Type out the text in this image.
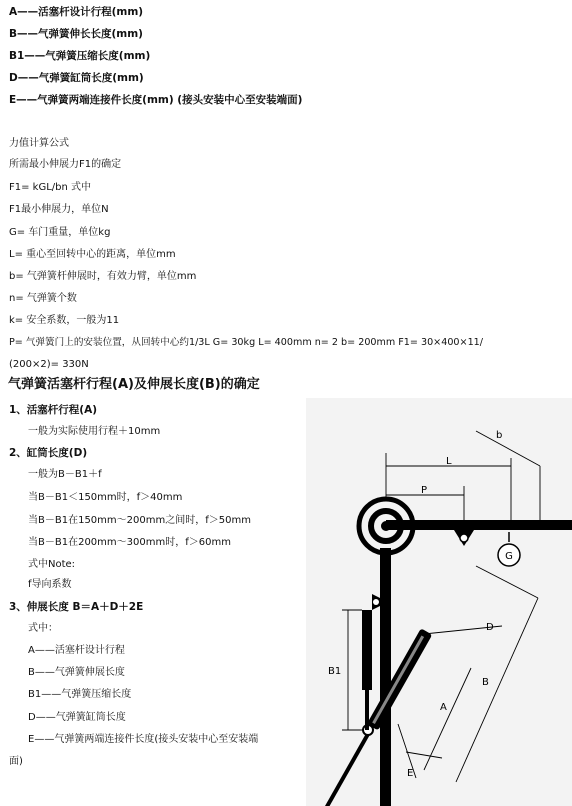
A——活塞杆设计行程(mm)
B——气弹簧伸长长度(mm)
B1——气弹簧压缩长度(mm)
D——气弹簧缸筒长度(mm)
E——气弹簧两端连接件长度(mm) (接头安装中心至安装端面)
力值计算公式
所需最小伸展力F1的确定
F1= kGL/bn 式中
F1最小伸展力，单位N
G= 车门重量，单位kg
L= 重心至回转中心的距离，单位mm
b= 气弹簧杆伸展时，有效力臂，单位mm
n= 气弹簧个数
k= 安全系数，一般为11
P= 气弹簧门上的安装位置，从回转中心约1/3L G= 30kg L= 400mm n= 2 b= 200mm F1= 30×400×11/
(200×2)= 330N
气弹簧活塞杆行程(A)及伸展长度(B)的确定
1、活塞杆行程(A)
一般为实际使用行程＋10mm
2、缸筒长度(D)
一般为B－B1＋f
当B－B1＜150mm时，f＞40mm
当B－B1在150mm～200mm之间时，f＞50mm
当B－B1在200mm～300mm时，f＞60mm
式中Note:
f导向系数
3、伸展长度 B＝A＋D＋2E
式中：
A——活塞杆设计行程
B——气弹簧伸展长度
B1——气弹簧压缩长度
D——气弹簧缸筒长度
E——气弹簧两端连接件长度(接头安装中心至安装端
面)
G
b
L
P
D
B
A
E
B1
